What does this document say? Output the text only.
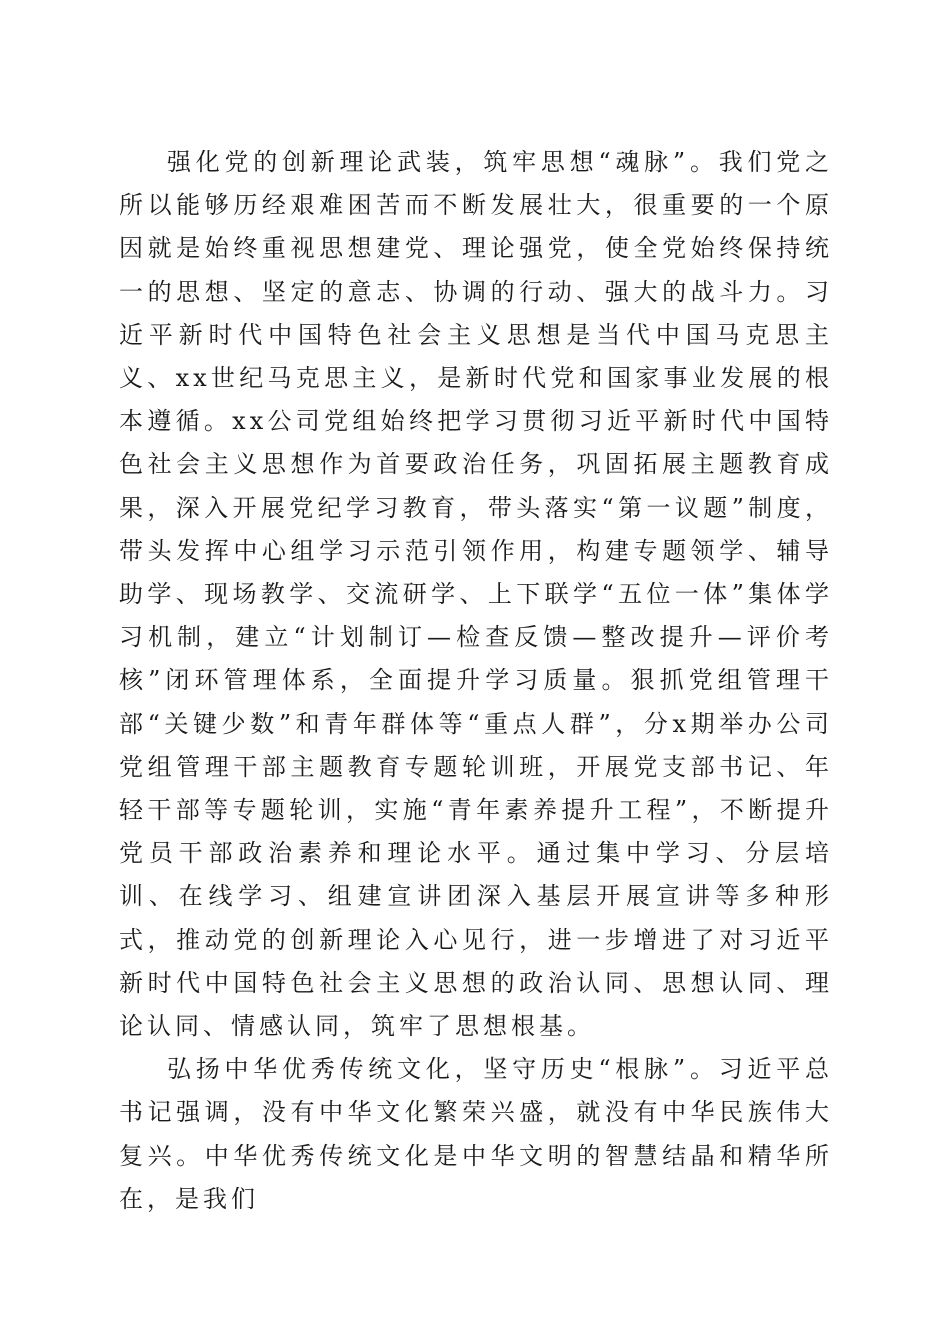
强化党的创新理论武装，筑牢思想“魂脉”。我们党之所以能够历经艰难困苦而不断发展壮大，很重要的一个原因就是始终重视思想建党、理论强党，使全党始终保持统一的思想、坚定的意志、协调的行动、强大的战斗力。习近平新时代中国特色社会主义思想是当代中国马克思主义、xx世纪马克思主义，是新时代党和国家事业发展的根本遵循。xx公司党组始终把学习贯彻习近平新时代中国特色社会主义思想作为首要政治任务，巩固拓展主题教育成果，深入开展党纪学习教育，带头落实“第一议题”制度，带头发挥中心组学习示范引领作用，构建专题领学、辅导助学、现场教学、交流研学、上下联学“五位一体”集体学习机制，建立“计划制订—检查反馈—整改提升—评价考核”闭环管理体系，全面提升学习质量。狠抓党组管理干部“关键少数”和青年群体等“重点人群”，分x期举办公司党组管理干部主题教育专题轮训班，开展党支部书记、年轻干部等专题轮训，实施“青年素养提升工程”，不断提升党员干部政治素养和理论水平。通过集中学习、分层培训、在线学习、组建宣讲团深入基层开展宣讲等多种形式，推动党的创新理论入心见行，进一步增进了对习近平新时代中国特色社会主义思想的政治认同、思想认同、理论认同、情感认同，筑牢了思想根基。

弘扬中华优秀传统文化，坚守历史“根脉”。习近平总书记强调，没有中华文化繁荣兴盛，就没有中华民族伟大复兴。中华优秀传统文化是中华文明的智慧结晶和精华所在，是我们
